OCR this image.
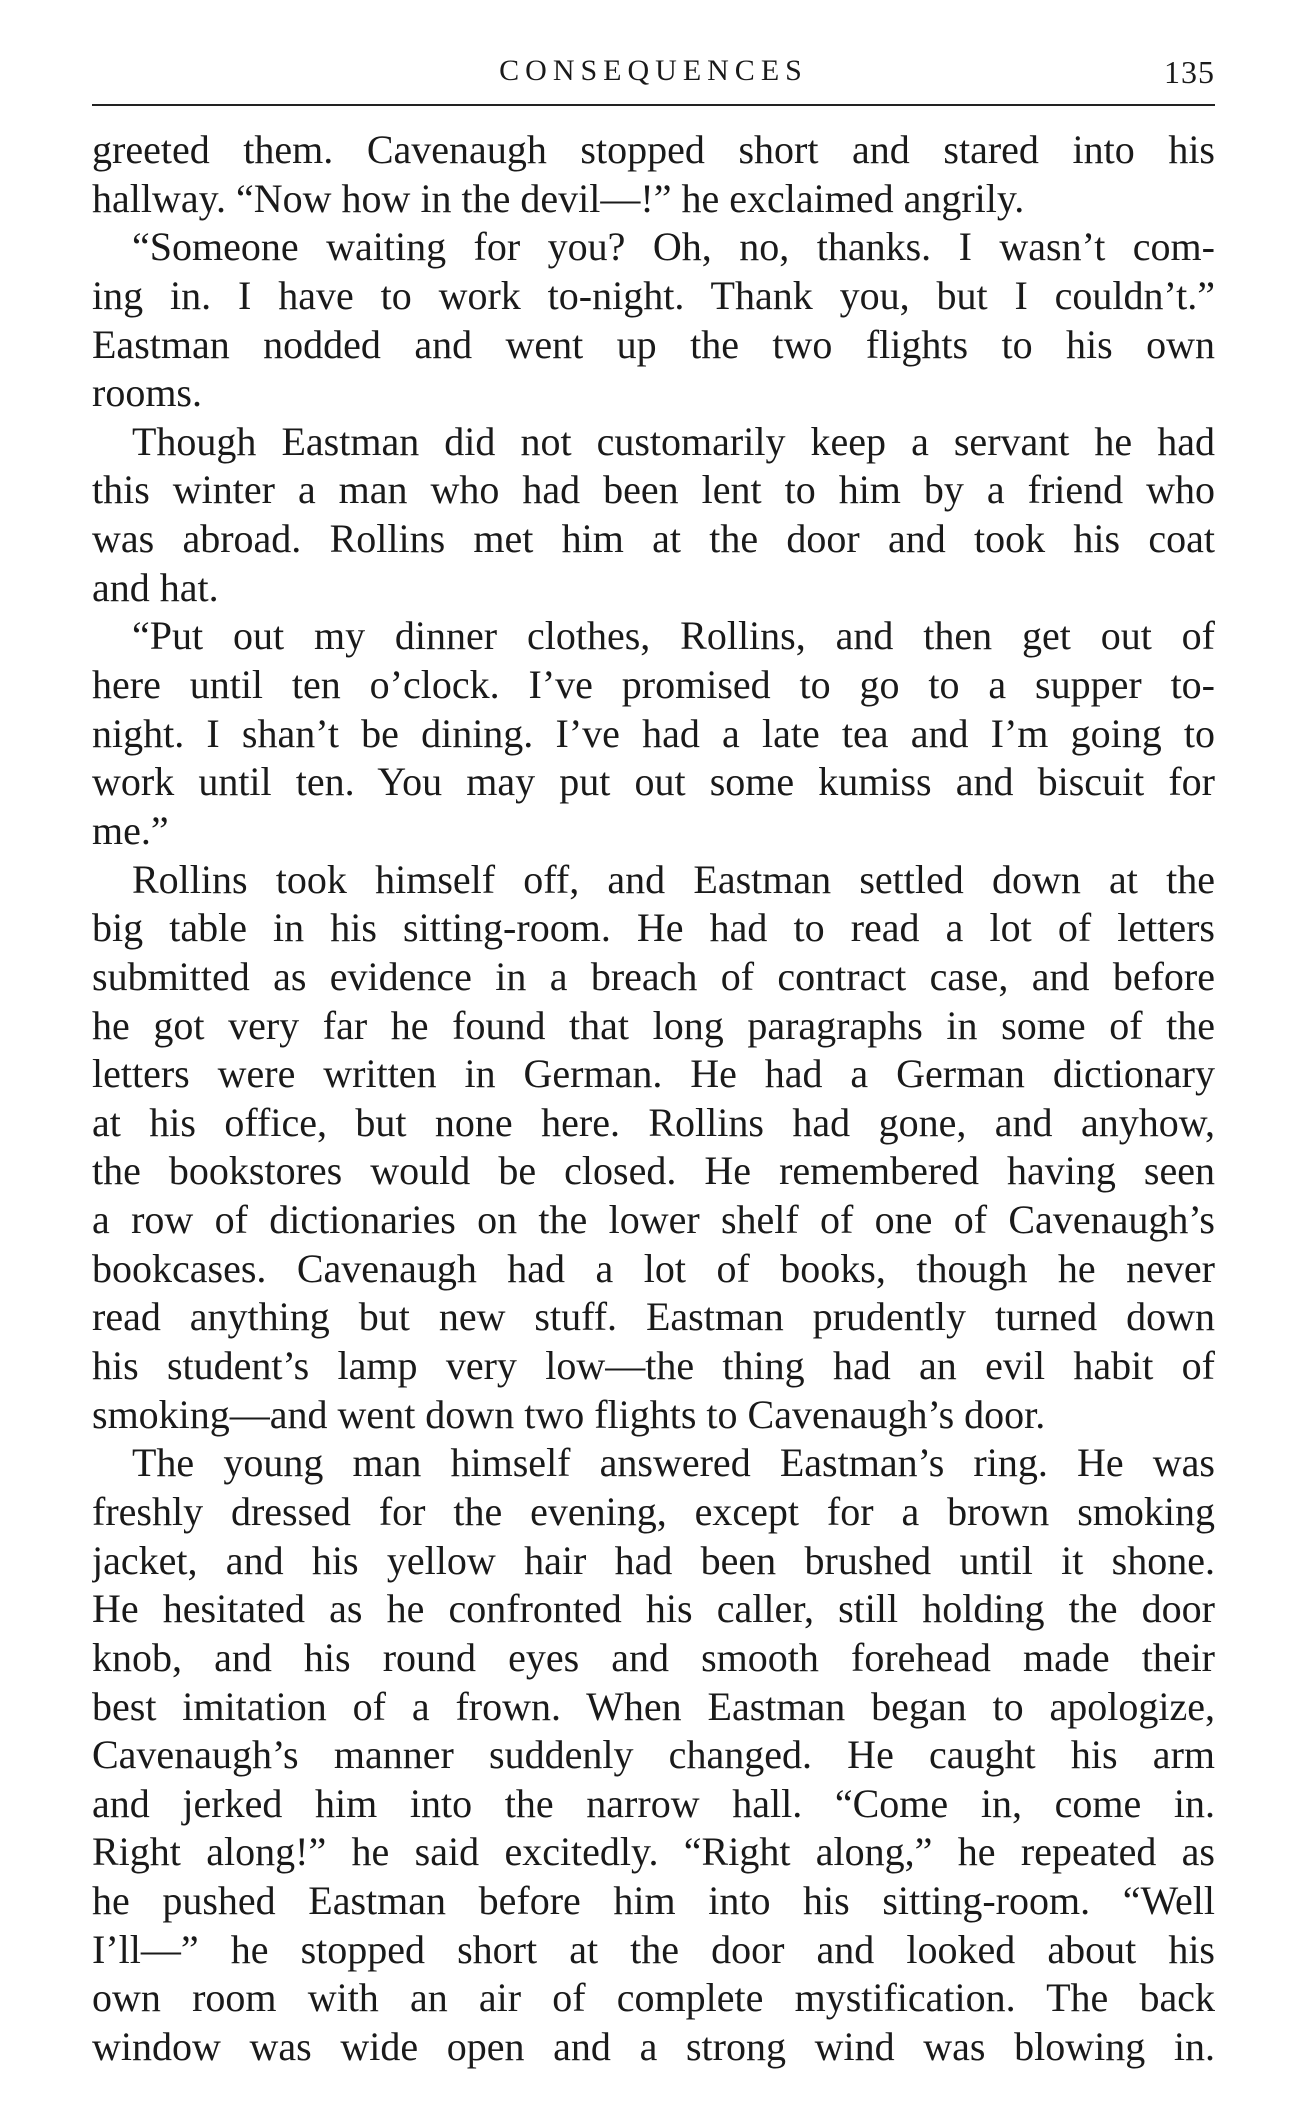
CONSEQUENCES	135
greeted them. Cavenaugh stopped short and stared into his
hallway. “Now how in the devil—!” he exclaimed angrily.
“Someone waiting for you? Oh, no, thanks. I wasn’t com-
ing in. I have to work to-night. Thank you, but I couldn’t.”
Eastman nodded and went up the two flights to his own
rooms.
Though Eastman did not customarily keep a servant he had
this winter a man who had been lent to him by a friend who
was abroad. Rollins met him at the door and took his coat
and hat.
“Put out my dinner clothes, Rollins, and then get out of
here until ten o’clock. I’ve promised to go to a supper to-
night. I shan’t be dining. I’ve had a late tea and I’m going to
work until ten. You may put out some kumiss and biscuit for
me.”
Rollins took himself off, and Eastman settled down at the
big table in his sitting-room. He had to read a lot of letters
submitted as evidence in a breach of contract case, and before
he got very far he found that long paragraphs in some of the
letters were written in German. He had a German dictionary
at his office, but none here. Rollins had gone, and anyhow,
the bookstores would be closed. He remembered having seen
a row of dictionaries on the lower shelf of one of Cavenaugh’s
bookcases. Cavenaugh had a lot of books, though he never
read anything but new stuff. Eastman prudently turned down
his student’s lamp very low—the thing had an evil habit of
smoking—and went down two flights to Cavenaugh’s door.
The young man himself answered Eastman’s ring. He was
freshly dressed for the evening, except for a brown smoking
jacket, and his yellow hair had been brushed until it shone.
He hesitated as he confronted his caller, still holding the door
knob, and his round eyes and smooth forehead made their
best imitation of a frown. When Eastman began to apologize,
Cavenaugh’s manner suddenly changed. He caught his arm
and jerked him into the narrow hall. “Come in, come in.
Right along!” he said excitedly. “Right along,” he repeated as
he pushed Eastman before him into his sitting-room. “Well
I’ll—” he stopped short at the door and looked about his
own room with an air of complete mystification. The back
window was wide open and a strong wind was blowing in.
